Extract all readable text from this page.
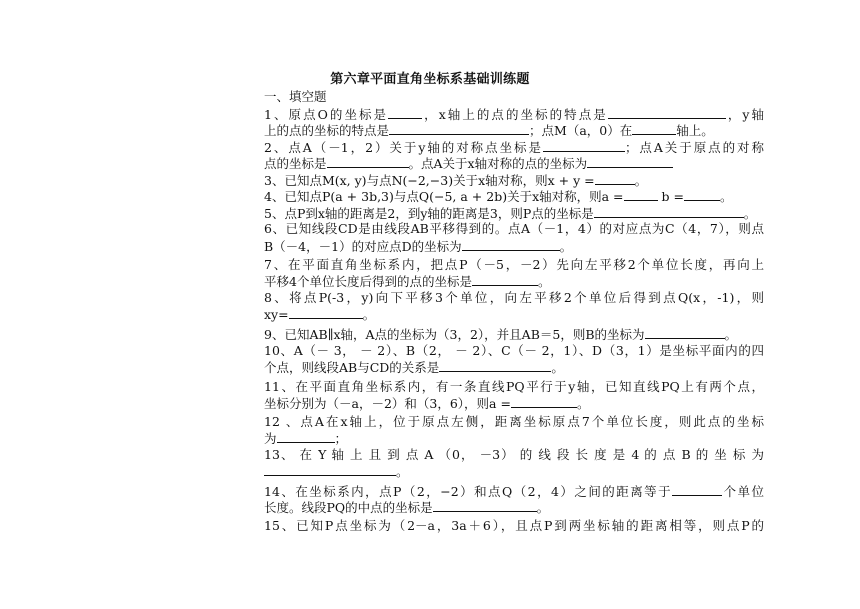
第六章平面直角坐标系基础训练题

一、填空题

1、原点O的坐标是	，x轴上的点的坐标的特点是	，y轴
上的点的坐标的特点是	；点M（a，0）在	轴上。
2、点A（－1，2）关于y轴的对称点坐标是	；点A关于原点的对称
点的坐标是	。点A关于x轴对称的点的坐标为
3、已知点M(x, y)与点N(−2,−3)关于x轴对称，则x + y =	。
4、已知点P(a + 3b,3)与点Q(−5, a + 2b)关于x轴对称，则a =	b =	。
5、点P到x轴的距离是2，到y轴的距离是3，则P点的坐标是	。
6、已知线段CD是由线段AB平移得到的。点A（－1，4）的对应点为C（4，7），则点
B（－4，－1）的对应点D的坐标为	。
7、在平面直角坐标系内，把点P（－5，－2）先向左平移2个单位长度，再向上
平移4个单位长度后得到的点的坐标是	。
8、将点P(-3，y)向下平移3个单位，向左平移2个单位后得到点Q(x，-1)，则
xy=	。
9、已知AB∥x轴，A点的坐标为（3，2），并且AB＝5，则B的坐标为	。
10、A（－ 3， － 2）、B（2， － 2）、C（－ 2，1）、D（3，1）是坐标平面内的四
个点，则线段AB与CD的关系是	。
11、在平面直角坐标系内，有一条直线PQ平行于y轴，已知直线PQ上有两个点，
坐标分别为（－a，－2）和（3，6），则a =	。
12 、点A在x轴上，位于原点左侧，距离坐标原点7个单位长度，则此点的坐标
为	；
13、 在 Y 轴 上 且 到 点 A （0， －3） 的 线 段 长 度 是 4 的 点 B 的 坐 标 为
。
14、在坐标系内，点P（2，−2）和点Q（2，4）之间的距离等于	个单位
长度。线段PQ的中点的坐标是	。
15、已知P点坐标为（2－a，3a＋6），且点P到两坐标轴的距离相等，则点P的
